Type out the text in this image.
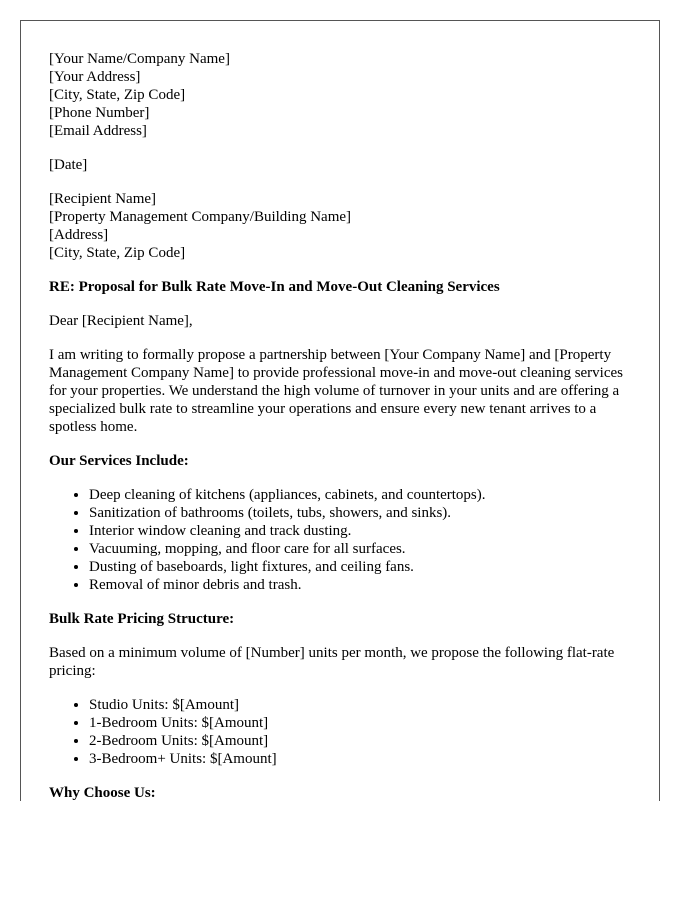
[Your Name/Company Name]
[Your Address]
[City, State, Zip Code]
[Phone Number]
[Email Address]
[Date]
[Recipient Name]
[Property Management Company/Building Name]
[Address]
[City, State, Zip Code]
RE: Proposal for Bulk Rate Move-In and Move-Out Cleaning Services

Dear [Recipient Name],

I am writing to formally propose a partnership between [Your Company Name] and [Property Management Company Name] to provide professional move-in and move-out cleaning services for your properties. We understand the high volume of turnover in your units and are offering a specialized bulk rate to streamline your operations and ensure every new tenant arrives to a spotless home.

Our Services Include:
• Deep cleaning of kitchens (appliances, cabinets, and countertops).
• Sanitization of bathrooms (toilets, tubs, showers, and sinks).
• Interior window cleaning and track dusting.
• Vacuuming, mopping, and floor care for all surfaces.
• Dusting of baseboards, light fixtures, and ceiling fans.
• Removal of minor debris and trash.
Bulk Rate Pricing Structure:

Based on a minimum volume of [Number] units per month, we propose the following flat-rate pricing:

• Studio Units: $[Amount]
• 1-Bedroom Units: $[Amount]
• 2-Bedroom Units: $[Amount]
• 3-Bedroom+ Units: $[Amount]
Why Choose Us:
